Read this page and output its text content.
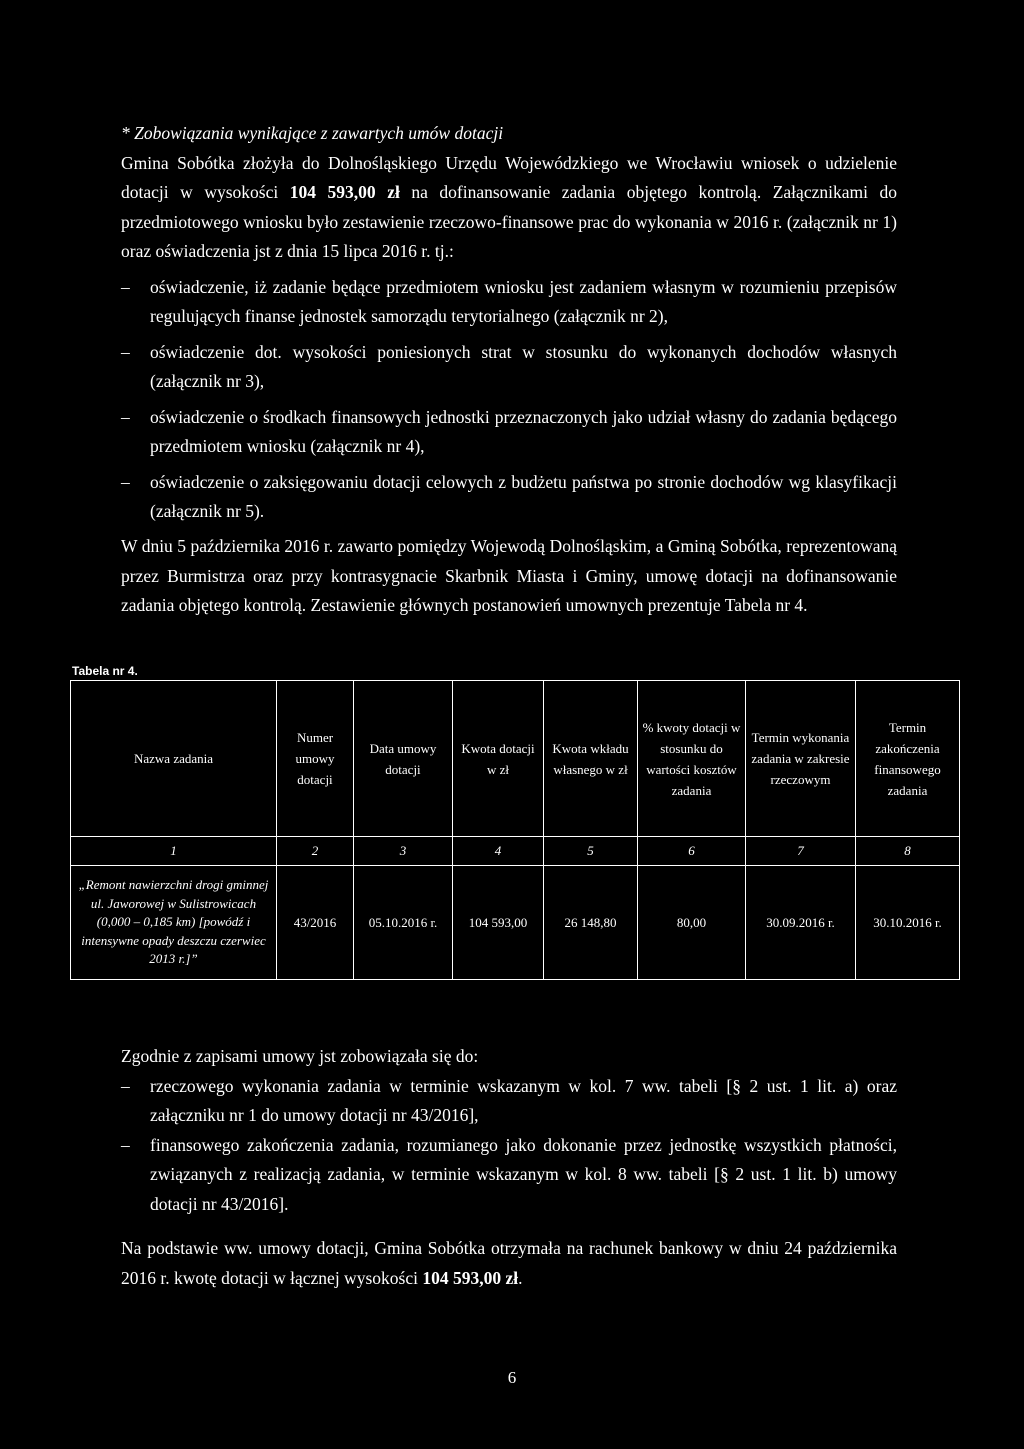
* Zobowiązania wynikające z zawartych umów dotacji

Gmina Sobótka złożyła do Dolnośląskiego Urzędu Wojewódzkiego we Wrocławiu wniosek o udzielenie dotacji w wysokości 104 593,00 zł na dofinansowanie zadania objętego kontrolą. Załącznikami do przedmiotowego wniosku było zestawienie rzeczowo-finansowe prac do wykonania w 2016 r. (załącznik nr 1) oraz oświadczenia jst z dnia 15 lipca 2016 r. tj.:

– oświadczenie, iż zadanie będące przedmiotem wniosku jest zadaniem własnym w rozumieniu przepisów regulujących finanse jednostek samorządu terytorialnego (załącznik nr 2),
– oświadczenie dot. wysokości poniesionych strat w stosunku do wykonanych dochodów własnych (załącznik nr 3),
– oświadczenie o środkach finansowych jednostki przeznaczonych jako udział własny do zadania będącego przedmiotem wniosku (załącznik nr 4),
– oświadczenie o zaksięgowaniu dotacji celowych z budżetu państwa po stronie dochodów wg klasyfikacji (załącznik nr 5).

W dniu 5 października 2016 r. zawarto pomiędzy Wojewodą Dolnośląskim, a Gminą Sobótka, reprezentowaną przez Burmistrza oraz przy kontrasygnacie Skarbnik Miasta i Gminy, umowę dotacji na dofinansowanie zadania objętego kontrolą. Zestawienie głównych postanowień umownych prezentuje Tabela nr 4.

Tabela nr 4.
Nazwa zadania	Numer umowy dotacji	Data umowy dotacji	Kwota dotacji w zł	Kwota wkładu własnego w zł	% kwoty dotacji w stosunku do wartości kosztów zadania	Termin wykonania zadania w zakresie rzeczowym	Termin zakończenia finansowego zadania
1	2	3	4	5	6	7	8
„Remont nawierzchni drogi gminnej ul. Jaworowej w Sulistrowicach (0,000 – 0,185 km) [powódź i intensywne opady deszczu czerwiec 2013 r.]”	43/2016	05.10.2016 r.	104 593,00	26 148,80	80,00	30.09.2016 r.	30.10.2016 r.

Zgodnie z zapisami umowy jst zobowiązała się do:

– rzeczowego wykonania zadania w terminie wskazanym w kol. 7 ww. tabeli [§ 2 ust. 1 lit. a) oraz załączniku nr 1 do umowy dotacji nr 43/2016],
– finansowego zakończenia zadania, rozumianego jako dokonanie przez jednostkę wszystkich płatności, związanych z realizacją zadania, w terminie wskazanym w kol. 8 ww. tabeli [§ 2 ust. 1 lit. b) umowy dotacji nr 43/2016].

Na podstawie ww. umowy dotacji, Gmina Sobótka otrzymała na rachunek bankowy w dniu 24 października 2016 r. kwotę dotacji w łącznej wysokości 104 593,00 zł.

6
